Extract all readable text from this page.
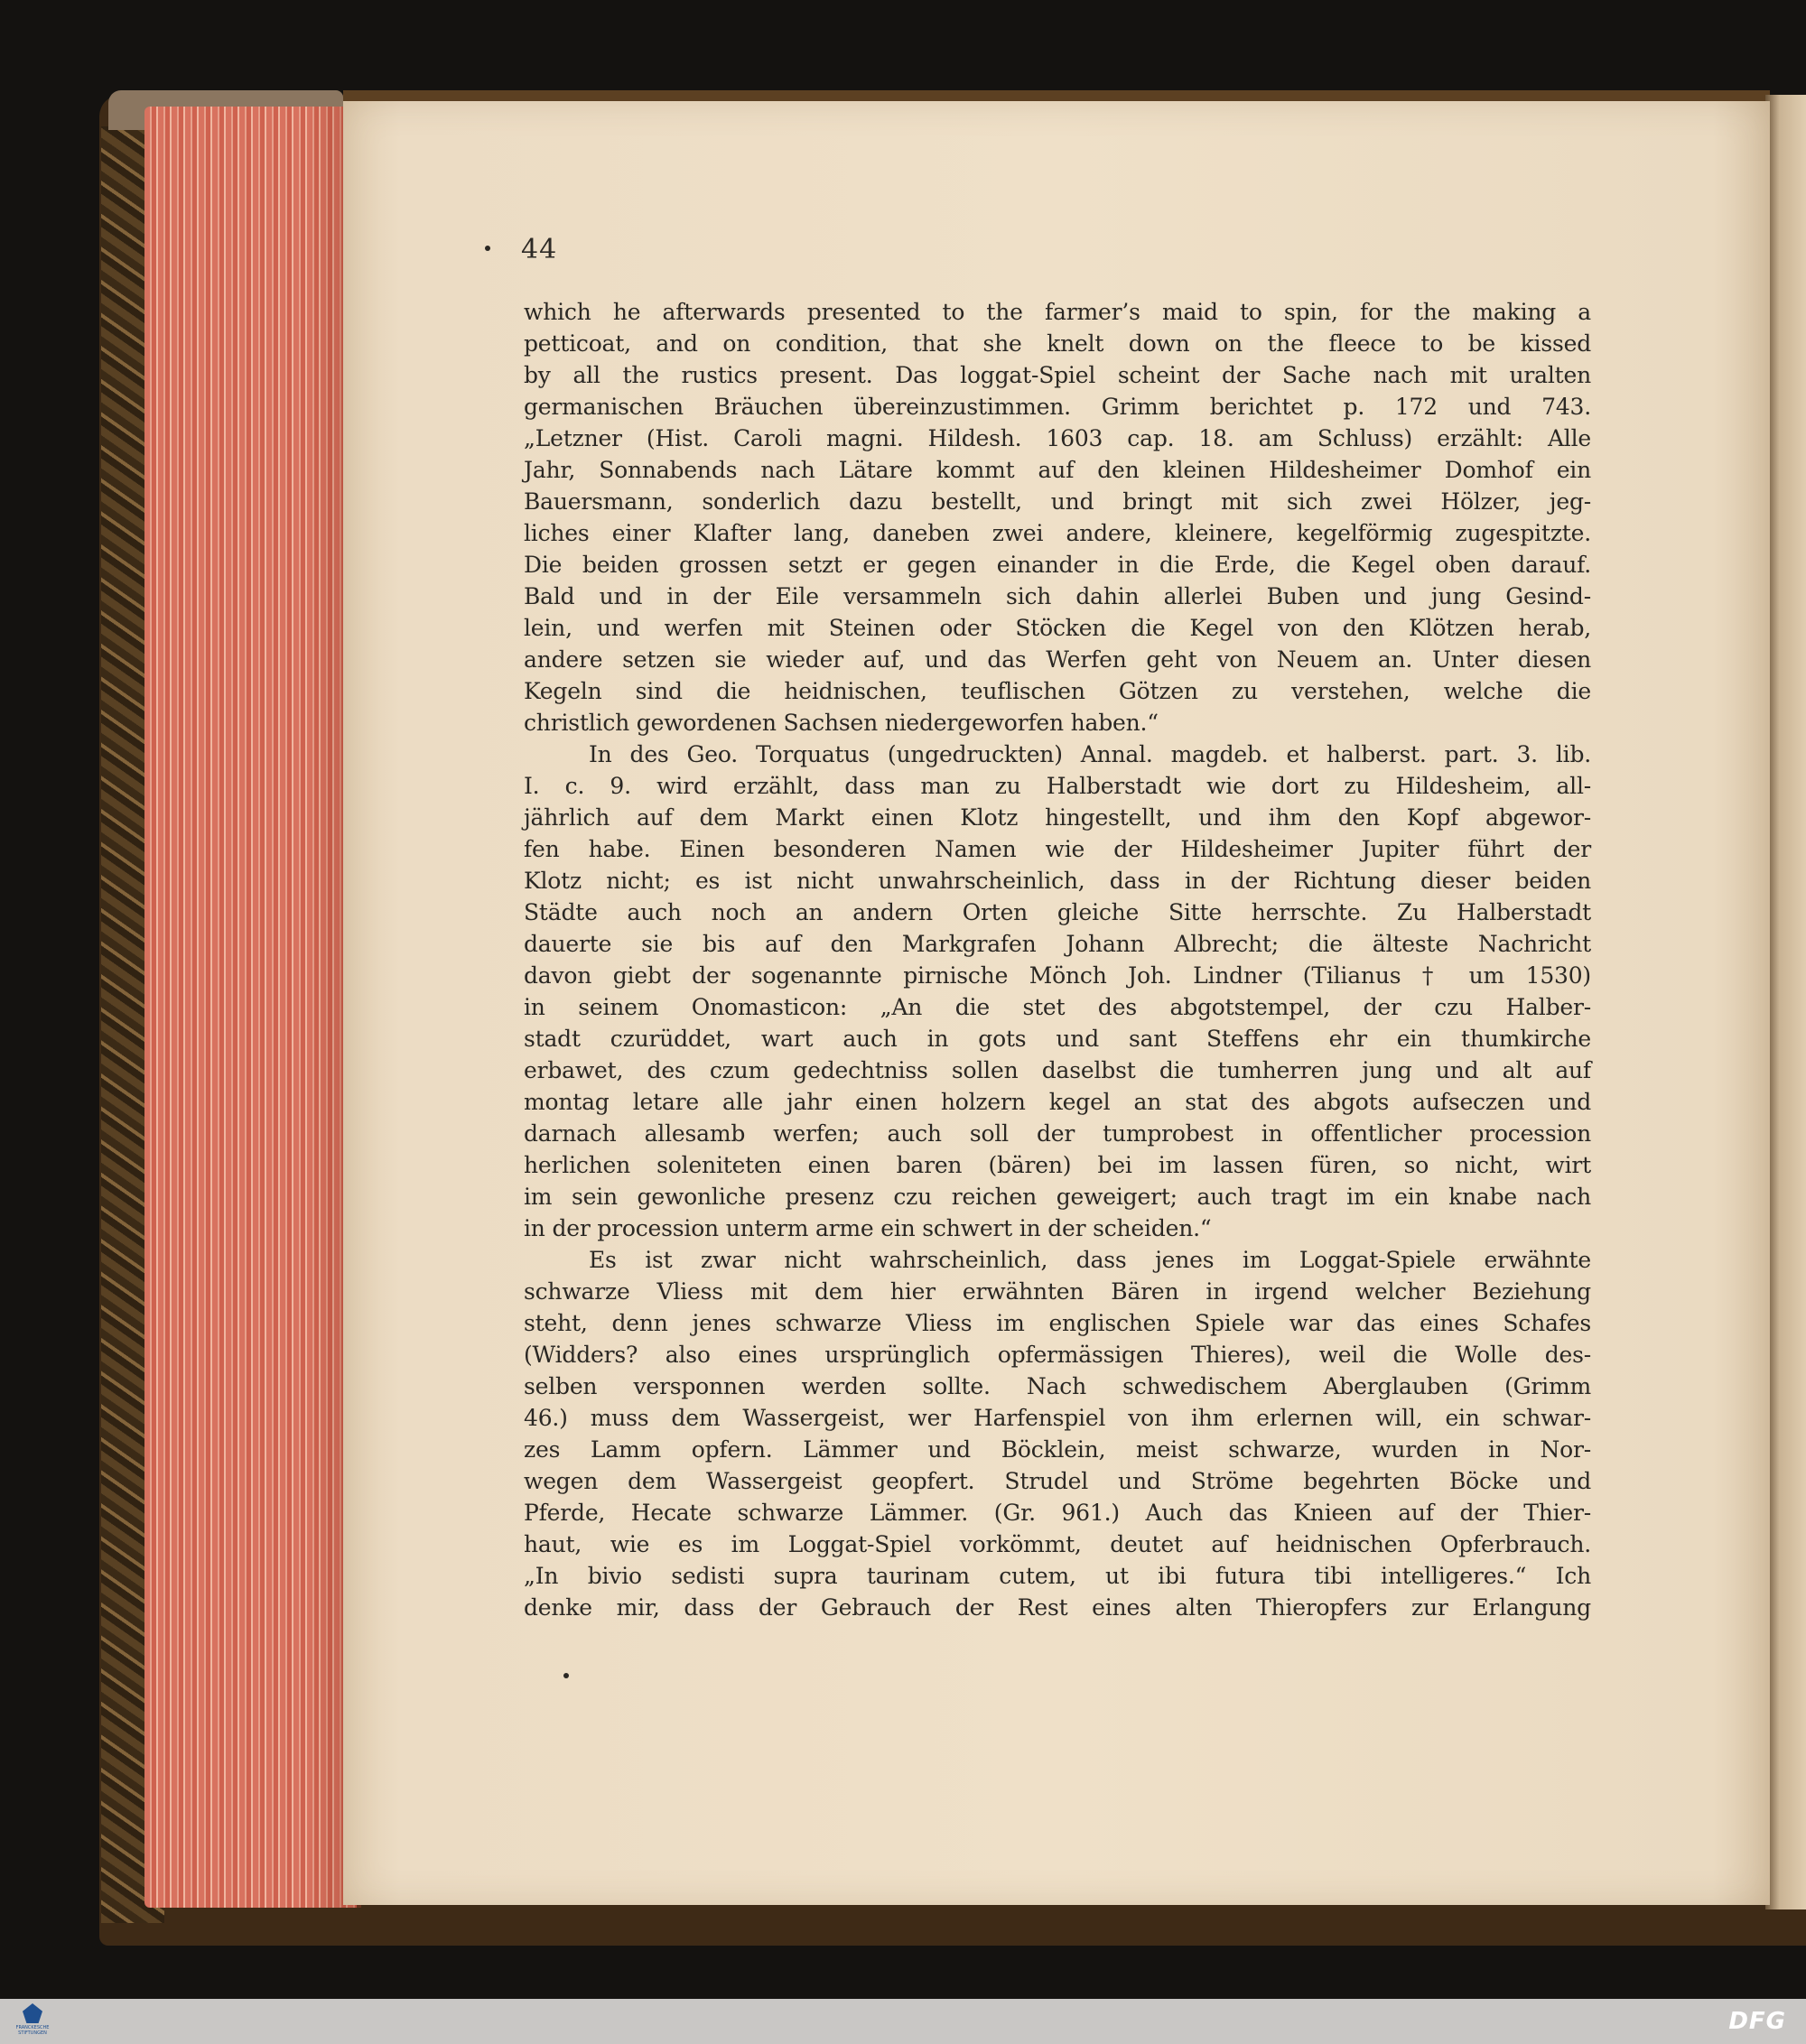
44

which he afterwards presented to the farmer’s maid to spin, for the making a

petticoat, and on condition, that she knelt down on the fleece to be kissed

by all the rustics present. Das loggat-Spiel scheint der Sache nach mit uralten

germanischen Bräuchen übereinzustimmen. Grimm berichtet p. 172 und 743.

„Letzner (Hist. Caroli magni. Hildesh. 1603 cap. 18. am Schluss) erzählt: Alle

Jahr, Sonnabends nach Lätare kommt auf den kleinen Hildesheimer Domhof ein

Bauersmann, sonderlich dazu bestellt, und bringt mit sich zwei Hölzer, jeg-

liches einer Klafter lang, daneben zwei andere, kleinere, kegelförmig zugespitzte.

Die beiden grossen setzt er gegen einander in die Erde, die Kegel oben darauf.

Bald und in der Eile versammeln sich dahin allerlei Buben und jung Gesind-

lein, und werfen mit Steinen oder Stöcken die Kegel von den Klötzen herab,

andere setzen sie wieder auf, und das Werfen geht von Neuem an. Unter diesen

Kegeln sind die heidnischen, teuflischen Götzen zu verstehen, welche die

christlich gewordenen Sachsen niedergeworfen haben.“

In des Geo. Torquatus (ungedruckten) Annal. magdeb. et halberst. part. 3. lib.

I. c. 9. wird erzählt, dass man zu Halberstadt wie dort zu Hildesheim, all-

jährlich auf dem Markt einen Klotz hingestellt, und ihm den Kopf abgewor-

fen habe. Einen besonderen Namen wie der Hildesheimer Jupiter führt der

Klotz nicht; es ist nicht unwahrscheinlich, dass in der Richtung dieser beiden

Städte auch noch an andern Orten gleiche Sitte herrschte. Zu Halberstadt

dauerte sie bis auf den Markgrafen Johann Albrecht; die älteste Nachricht

davon giebt der sogenannte pirnische Mönch Joh. Lindner (Tilianus † um 1530)

in seinem Onomasticon: „An die stet des abgotstempel, der czu Halber-

stadt czurüddet, wart auch in gots und sant Steffens ehr ein thumkirche

erbawet, des czum gedechtniss sollen daselbst die tumherren jung und alt auf

montag letare alle jahr einen holzern kegel an stat des abgots aufseczen und

darnach allesamb werfen; auch soll der tumprobest in offentlicher procession

herlichen soleniteten einen baren (bären) bei im lassen füren, so nicht, wirt

im sein gewonliche presenz czu reichen geweigert; auch tragt im ein knabe nach

in der procession unterm arme ein schwert in der scheiden.“

Es ist zwar nicht wahrscheinlich, dass jenes im Loggat-Spiele erwähnte

schwarze Vliess mit dem hier erwähnten Bären in irgend welcher Beziehung

steht, denn jenes schwarze Vliess im englischen Spiele war das eines Schafes

(Widders? also eines ursprünglich opfermässigen Thieres), weil die Wolle des-

selben versponnen werden sollte. Nach schwedischem Aberglauben (Grimm

46.) muss dem Wassergeist, wer Harfenspiel von ihm erlernen will, ein schwar-

zes Lamm opfern. Lämmer und Böcklein, meist schwarze, wurden in Nor-

wegen dem Wassergeist geopfert. Strudel und Ströme begehrten Böcke und

Pferde, Hecate schwarze Lämmer. (Gr. 961.) Auch das Knieen auf der Thier-

haut, wie es im Loggat-Spiel vorkömmt, deutet auf heidnischen Opferbrauch.

„In bivio sedisti supra taurinam cutem, ut ibi futura tibi intelligeres.“ Ich

denke mir, dass der Gebrauch der Rest eines alten Thieropfers zur Erlangung

FRANCKESCHE STIFTUNGEN	DFG
